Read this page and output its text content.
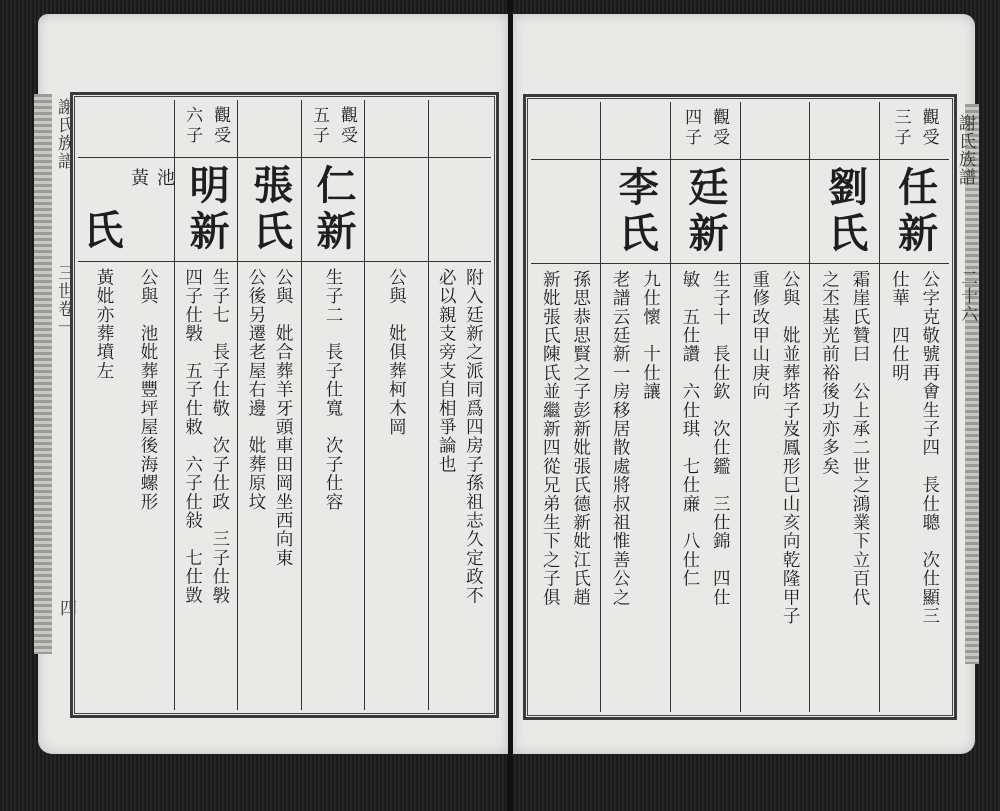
謝氏族譜
三世卷一
四
附入廷新之派同爲四房子孫祖志久定政不
必以親支旁支自相爭論也
公與　妣俱葬柯木岡
觀受
五子
仁新
生子二　長子仕寬　次子仕容
張氏
公與　妣合葬羊牙頭車田岡坐西向東
公後另遷老屋右邊　妣葬原坟
觀受
六子
明新
生子七　長子仕敬　次子仕政　三子仕斅
四子仕斅　五子仕敕　六子仕敍　七仕敳
池
黃
氏
公與　池妣葬豐坪屋後海螺形
黃妣亦葬墳左
謝氏族譜
二十六
觀受
三子
任新
公字克敬號再㑹生子四　長仕聰　次仕顯三
仕華　四仕明
劉氏
霜崖氏贊曰　公上承二世之鴻業下立百代
之丕基光前裕後功亦多矣
公與　妣並葬塔子岌鳳形巳山亥向乾隆甲子
重修改甲山庚向
觀受
四子
廷新
生子十　長仕欽　次仕鑑　三仕錦　四仕
敏　五仕讚　六仕琪　七仕亷　八仕仁
李氏
九仕懷　十仕讓
老譜云廷新一房移居散處將叔祖惟善公之
孫思恭思賢之子彭新妣張氏德新妣江氏趙
新妣張氏陳氏並繼新四從兄弟生下之子俱
